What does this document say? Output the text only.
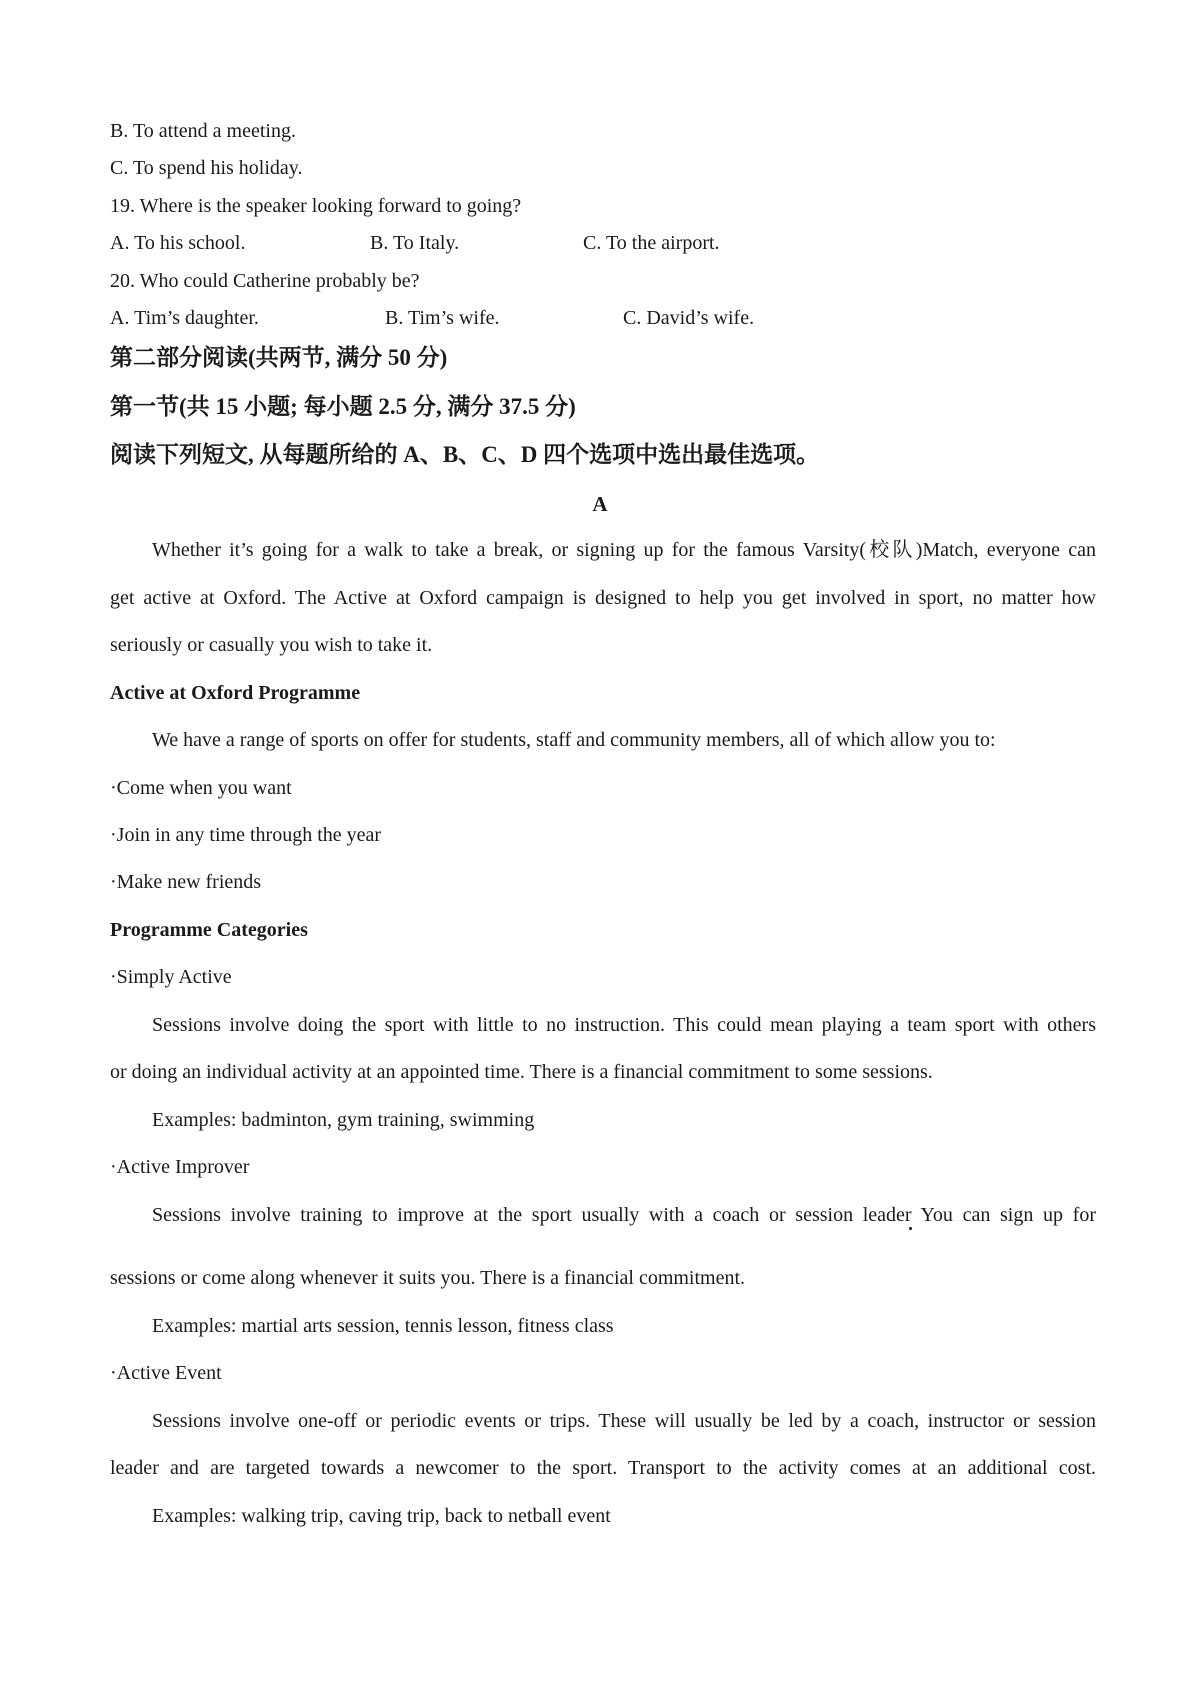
B. To attend a meeting.
C. To spend his holiday.
19. Where is the speaker looking forward to going?
A. To his school.	B. To Italy.	C. To the airport.
20. Who could Catherine probably be?
A. Tim’s daughter.	B. Tim’s wife.	C. David’s wife.
第二部分阅读(共两节, 满分 50 分)
第一节(共 15 小题; 每小题 2.5 分, 满分 37.5 分)
阅读下列短文, 从每题所给的 A、B、C、D 四个选项中选出最佳选项。
A
Whether it’s going for a walk to take a break, or signing up for the famous Varsity(校队)Match, everyone can
get active at Oxford. The Active at Oxford campaign is designed to help you get involved in sport, no matter how
seriously or casually you wish to take it.
Active at Oxford Programme
We have a range of sports on offer for students, staff and community members, all of which allow you to:
·Come when you want
·Join in any time through the year
·Make new friends
Programme Categories
·Simply Active
Sessions involve doing the sport with little to no instruction. This could mean playing a team sport with others
or doing an individual activity at an appointed time. There is a financial commitment to some sessions.
Examples: badminton, gym training, swimming
·Active Improver
Sessions involve training to improve at the sport usually with a coach or session leader You can sign up for
sessions or come along whenever it suits you. There is a financial commitment.
Examples: martial arts session, tennis lesson, fitness class
·Active Event
Sessions involve one-off or periodic events or trips. These will usually be led by a coach, instructor or session
leader and are targeted towards a newcomer to the sport. Transport to the activity comes at an additional cost.
Examples: walking trip, caving trip, back to netball event
